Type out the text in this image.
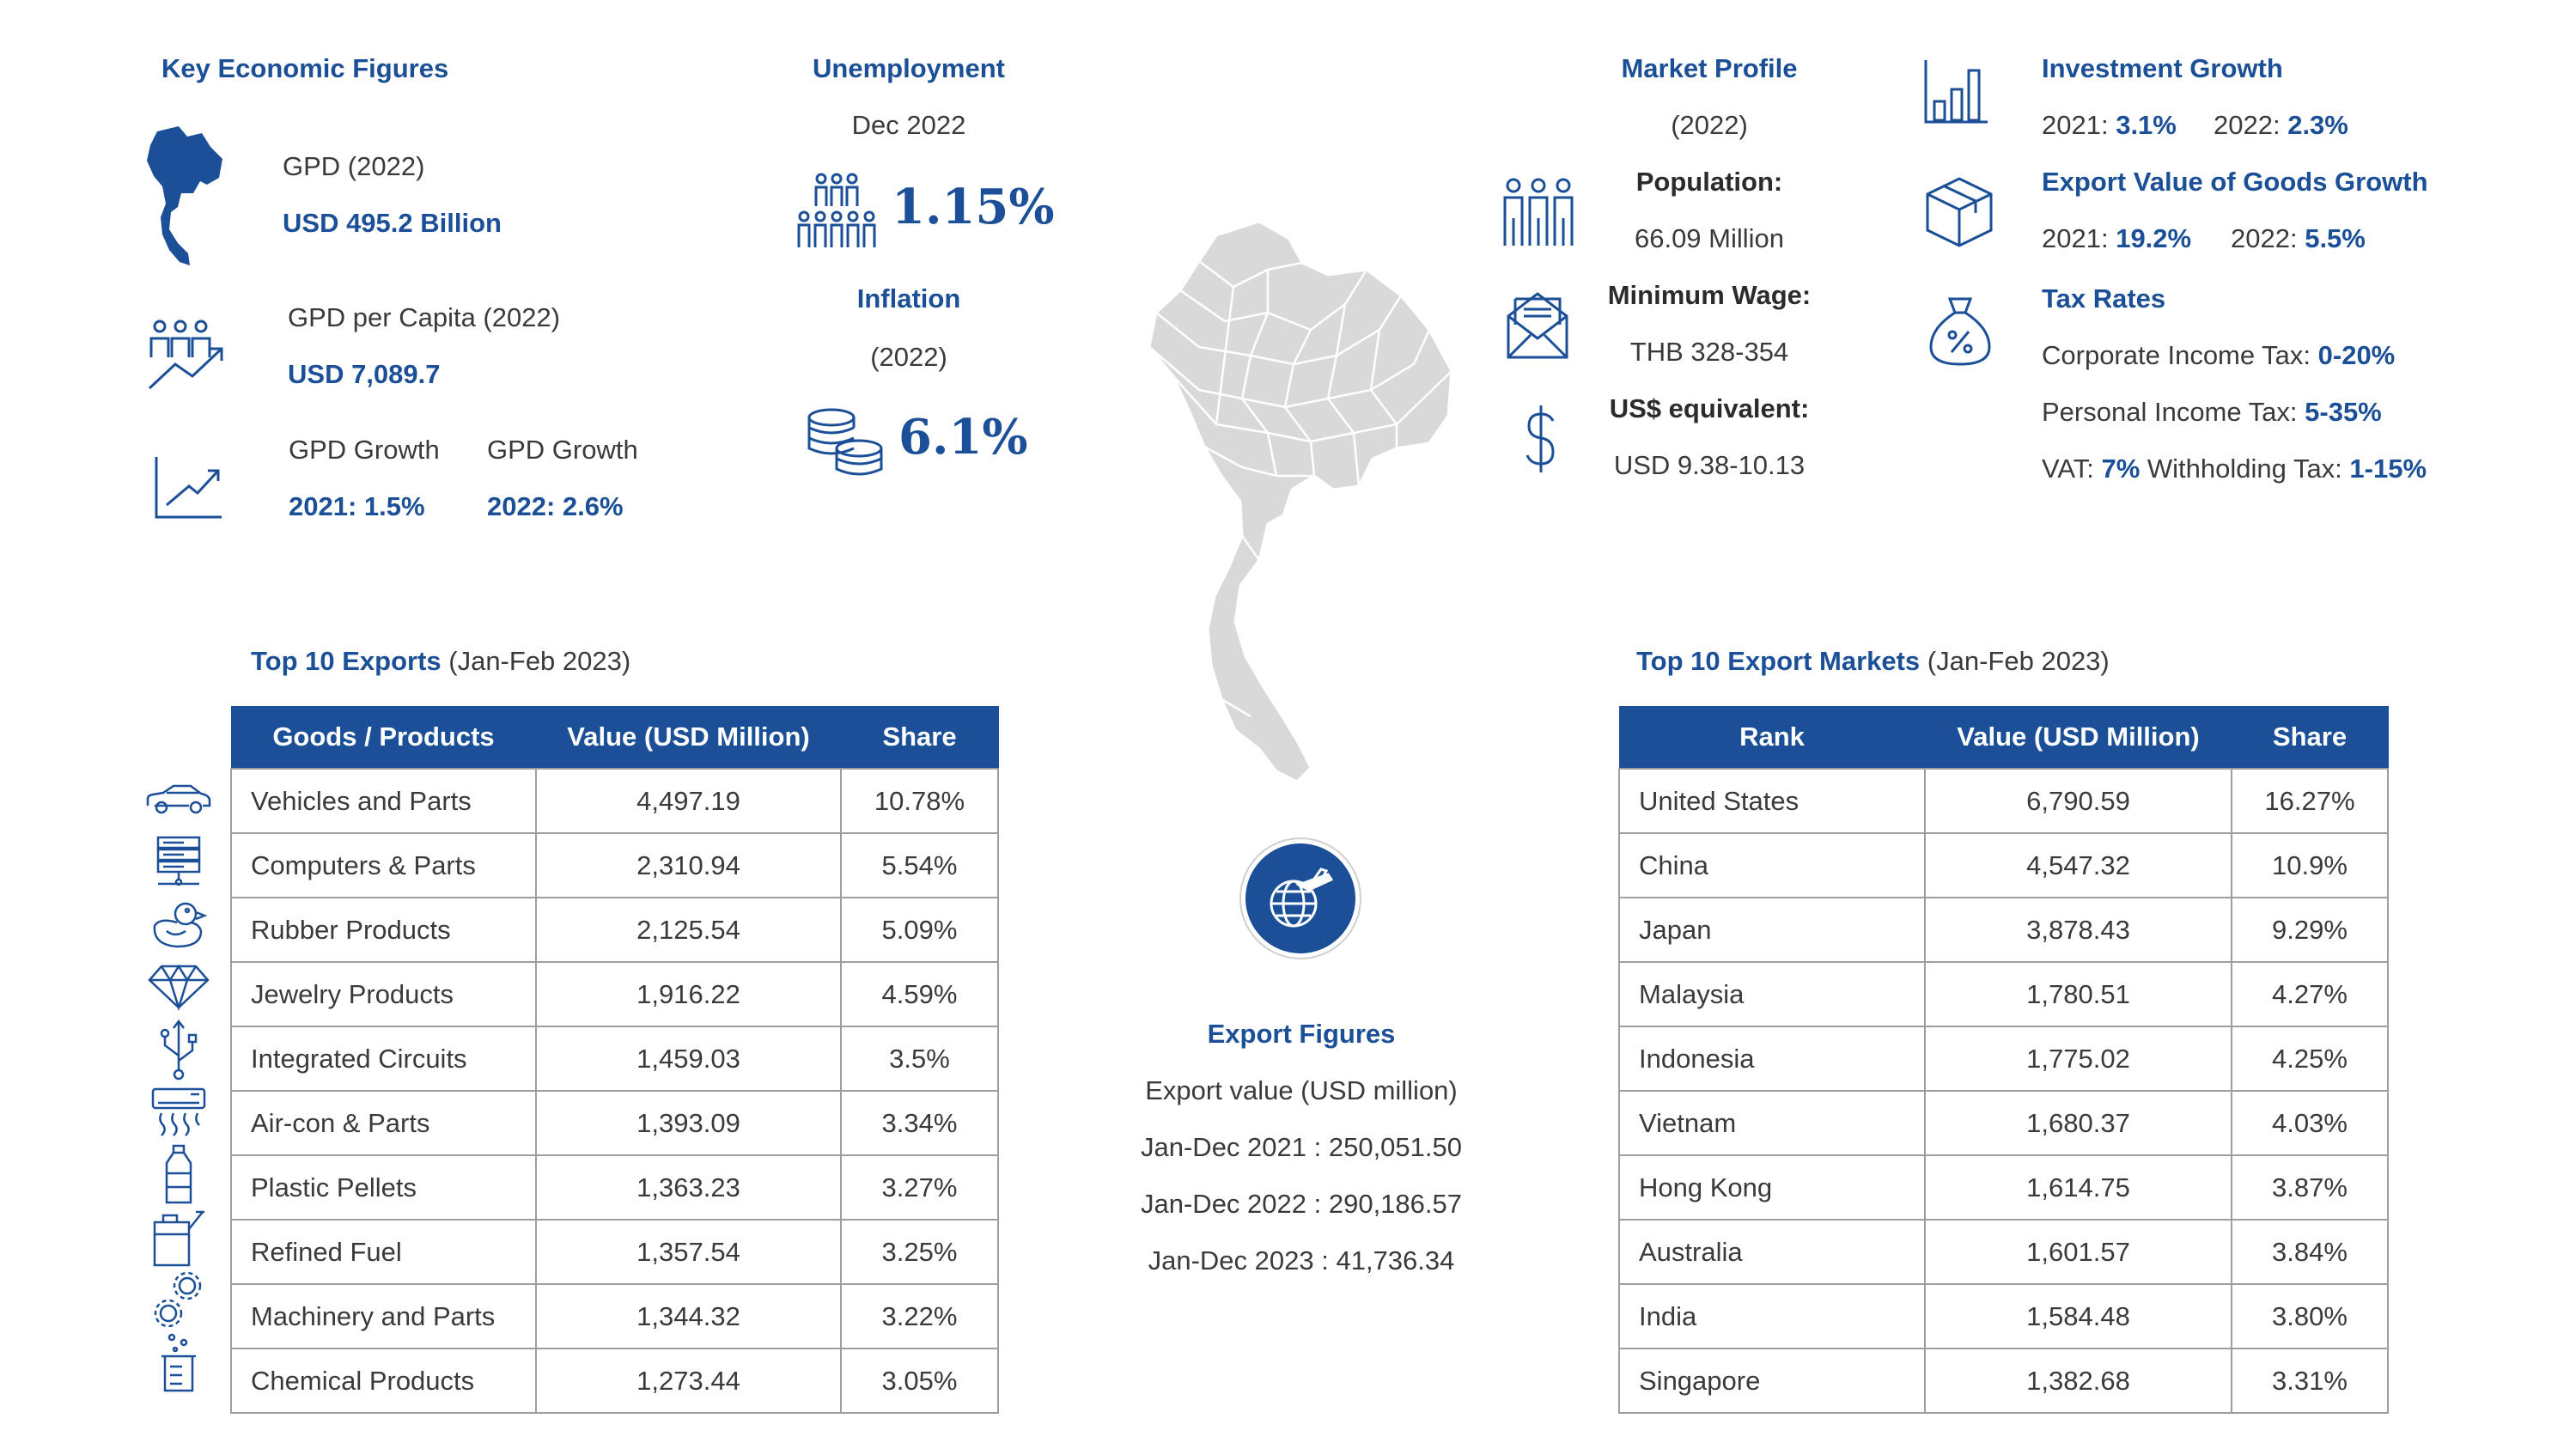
Key Economic Figures
GPD (2022)
USD 495.2 Billion
GPD per Capita (2022)
USD 7,089.7
GPD Growth
2021: 1.5%
GPD Growth
2022: 2.6%
Unemployment
Dec 2022
1.15%
Inflation
(2022)
6.1%
Export Figures
Export value (USD million)
Jan-Dec 2021 : 250,051.50
Jan-Dec 2022 : 290,186.57
Jan-Dec 2023 : 41,736.34
Market Profile
(2022)
Population:
66.09 Million
Minimum Wage:
THB 328-354
US$ equivalent:
USD 9.38-10.13
Investment Growth
2021: 3.1% 2022: 2.3%
Export Value of Goods Growth
2021: 19.2% 2022: 5.5%
Tax Rates
Corporate Income Tax: 0-20%
Personal Income Tax: 5-35%
VAT: 7% Withholding Tax: 1-15%
Top 10 Exports (Jan-Feb 2023)
Goods / Products	Value (USD Million)	Share
Vehicles and Parts	4,497.19	10.78%
Computers & Parts	2,310.94	5.54%
Rubber Products	2,125.54	5.09%
Jewelry Products	1,916.22	4.59%
Integrated Circuits	1,459.03	3.5%
Air-con & Parts	1,393.09	3.34%
Plastic Pellets	1,363.23	3.27%
Refined Fuel	1,357.54	3.25%
Machinery and Parts	1,344.32	3.22%
Chemical Products	1,273.44	3.05%
Top 10 Export Markets (Jan-Feb 2023)
Rank	Value (USD Million)	Share
United States	6,790.59	16.27%
China	4,547.32	10.9%
Japan	3,878.43	9.29%
Malaysia	1,780.51	4.27%
Indonesia	1,775.02	4.25%
Vietnam	1,680.37	4.03%
Hong Kong	1,614.75	3.87%
Australia	1,601.57	3.84%
India	1,584.48	3.80%
Singapore	1,382.68	3.31%
